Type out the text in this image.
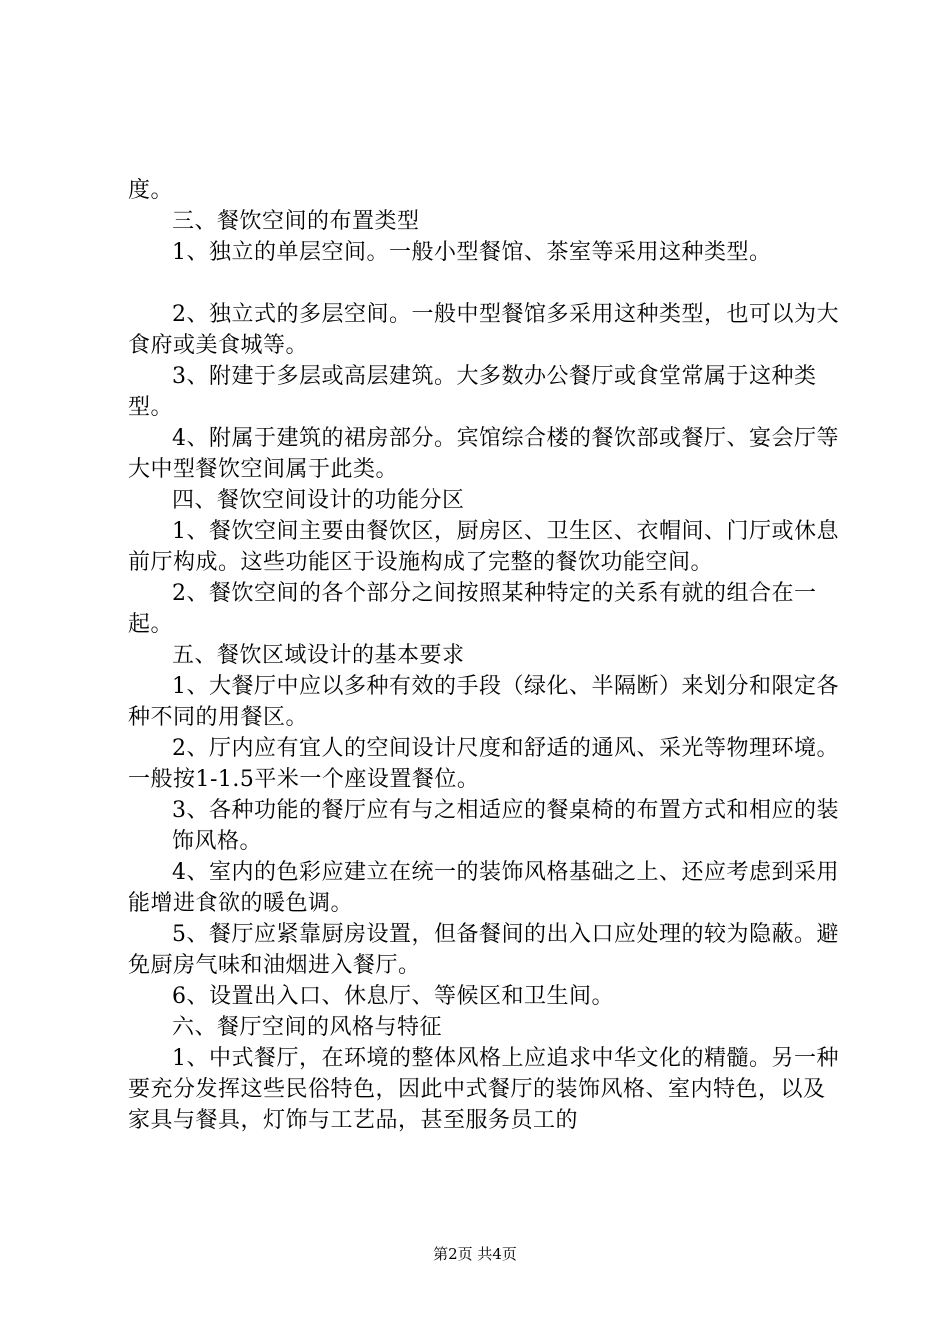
度。

三、餐饮空间的布置类型

1、独立的单层空间。一般小型餐馆、茶室等采用这种类型。

2、独立式的多层空间。一般中型餐馆多采用这种类型，也可以为大食府或美食城等。

3、附建于多层或高层建筑。大多数办公餐厅或食堂常属于这种类型。

4、附属于建筑的裙房部分。宾馆综合楼的餐饮部或餐厅、宴会厅等大中型餐饮空间属于此类。

四、餐饮空间设计的功能分区

1、餐饮空间主要由餐饮区，厨房区、卫生区、衣帽间、门厅或休息前厅构成。这些功能区于设施构成了完整的餐饮功能空间。

2、餐饮空间的各个部分之间按照某种特定的关系有就的组合在一起。

五、餐饮区域设计的基本要求

1、大餐厅中应以多种有效的手段（绿化、半隔断）来划分和限定各种不同的用餐区。

2、厅内应有宜人的空间设计尺度和舒适的通风、采光等物理环境。一般按1-1.5平米一个座设置餐位。

3、各种功能的餐厅应有与之相适应的餐桌椅的布置方式和相应的装

饰风格。

4、室内的色彩应建立在统一的装饰风格基础之上、还应考虑到采用能增进食欲的暖色调。

5、餐厅应紧靠厨房设置，但备餐间的出入口应处理的较为隐蔽。避免厨房气味和油烟进入餐厅。

6、设置出入口、休息厅、等候区和卫生间。

六、餐厅空间的风格与特征

1、中式餐厅，在环境的整体风格上应追求中华文化的精髓。另一种要充分发挥这些民俗特色，因此中式餐厅的装饰风格、室内特色，以及家具与餐具，灯饰与工艺品，甚至服务员工的

第2页 共4页
